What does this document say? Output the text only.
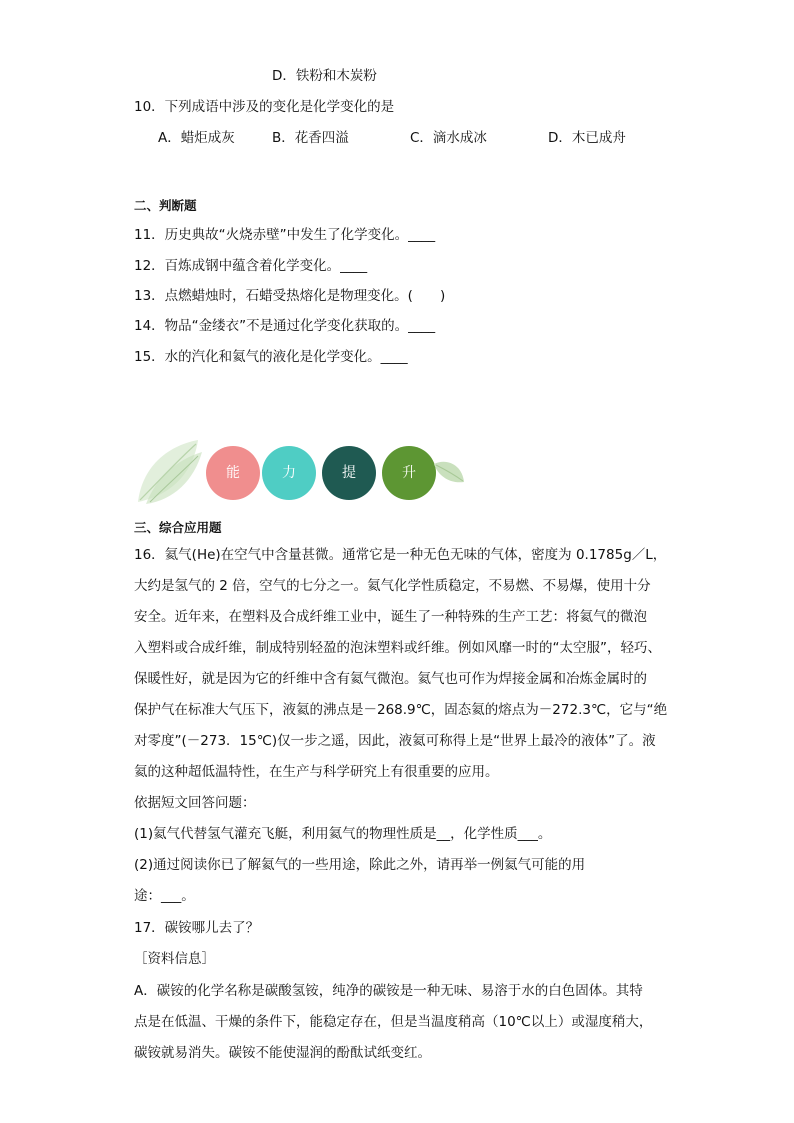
D．铁粉和木炭粉
10．下列成语中涉及的变化是化学变化的是
A．蜡炬成灰	B．花香四溢	C．滴水成冰	D．木已成舟
二、判断题
11．历史典故“火烧赤壁”中发生了化学变化。____
12．百炼成钢中蕴含着化学变化。____
13．点燃蜡烛时，石蜡受热熔化是物理变化。(　　)
14．物品“金缕衣”不是通过化学变化获取的。____
15．水的汽化和氦气的液化是化学变化。____
能	力	提	升
三、综合应用题
16．氦气(He)在空气中含量甚微。通常它是一种无色无味的气体，密度为 0.1785g／L，
大约是氢气的 2 倍，空气的七分之一。氦气化学性质稳定，不易燃、不易爆，使用十分
安全。近年来，在塑料及合成纤维工业中，诞生了一种特殊的生产工艺：将氦气的微泡
入塑料或合成纤维，制成特别轻盈的泡沫塑料或纤维。例如风靡一时的“太空服”，轻巧、
保暖性好，就是因为它的纤维中含有氦气微泡。氦气也可作为焊接金属和冶炼金属时的
保护气在标准大气压下，液氦的沸点是－268.9℃，固态氦的熔点为－272.3℃，它与“绝
对零度”(－273．15℃)仅一步之遥，因此，液氦可称得上是“世界上最冷的液体”了。液
氦的这种超低温特性，在生产与科学研究上有很重要的应用。
依据短文回答问题：
(1)氦气代替氢气灌充飞艇，利用氦气的物理性质是__，化学性质___。
(2)通过阅读你已了解氦气的一些用途，除此之外，请再举一例氦气可能的用
途：___。
17．碳铵哪儿去了？
［资料信息］
A．碳铵的化学名称是碳酸氢铵，纯净的碳铵是一种无味、易溶于水的白色固体。其特
点是在低温、干燥的条件下，能稳定存在，但是当温度稍高（10℃以上）或湿度稍大，
碳铵就易消失。碳铵不能使湿润的酚酞试纸变红。
